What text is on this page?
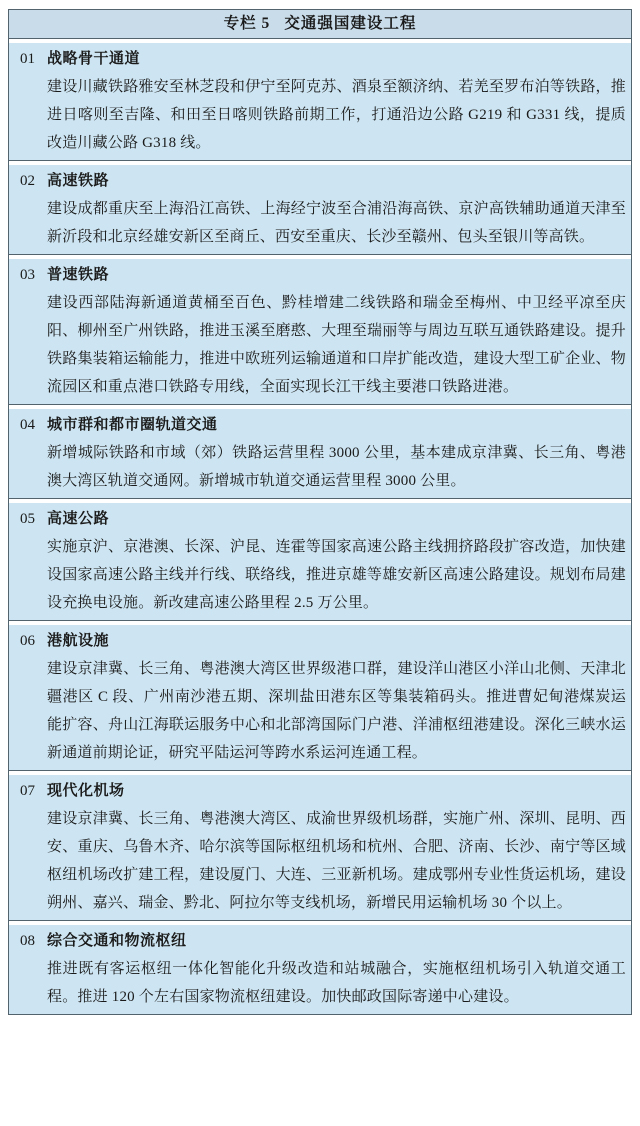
专栏 5 交通强国建设工程
01 战略骨干通道
建设川藏铁路雅安至林芝段和伊宁至阿克苏、酒泉至额济纳、若羌至罗布泊等铁路，推进日喀则至吉隆、和田至日喀则铁路前期工作，打通沿边公路 G219 和 G331 线，提质改造川藏公路 G318 线。
02 高速铁路
建设成都重庆至上海沿江高铁、上海经宁波至合浦沿海高铁、京沪高铁辅助通道天津至新沂段和北京经雄安新区至商丘、西安至重庆、长沙至赣州、包头至银川等高铁。
03 普速铁路
建设西部陆海新通道黄桶至百色、黔桂增建二线铁路和瑞金至梅州、中卫经平凉至庆阳、柳州至广州铁路，推进玉溪至磨憨、大理至瑞丽等与周边互联互通铁路建设。提升铁路集装箱运输能力，推进中欧班列运输通道和口岸扩能改造，建设大型工矿企业、物流园区和重点港口铁路专用线，全面实现长江干线主要港口铁路进港。
04 城市群和都市圈轨道交通
新增城际铁路和市域（郊）铁路运营里程 3000 公里，基本建成京津冀、长三角、粤港澳大湾区轨道交通网。新增城市轨道交通运营里程 3000 公里。
05 高速公路
实施京沪、京港澳、长深、沪昆、连霍等国家高速公路主线拥挤路段扩容改造，加快建设国家高速公路主线并行线、联络线，推进京雄等雄安新区高速公路建设。规划布局建设充换电设施。新改建高速公路里程 2.5 万公里。
06 港航设施
建设京津冀、长三角、粤港澳大湾区世界级港口群，建设洋山港区小洋山北侧、天津北疆港区 C 段、广州南沙港五期、深圳盐田港东区等集装箱码头。推进曹妃甸港煤炭运能扩容、舟山江海联运服务中心和北部湾国际门户港、洋浦枢纽港建设。深化三峡水运新通道前期论证，研究平陆运河等跨水系运河连通工程。
07 现代化机场
建设京津冀、长三角、粤港澳大湾区、成渝世界级机场群，实施广州、深圳、昆明、西安、重庆、乌鲁木齐、哈尔滨等国际枢纽机场和杭州、合肥、济南、长沙、南宁等区域枢纽机场改扩建工程，建设厦门、大连、三亚新机场。建成鄂州专业性货运机场，建设朔州、嘉兴、瑞金、黔北、阿拉尔等支线机场，新增民用运输机场 30 个以上。
08 综合交通和物流枢纽
推进既有客运枢纽一体化智能化升级改造和站城融合，实施枢纽机场引入轨道交通工程。推进 120 个左右国家物流枢纽建设。加快邮政国际寄递中心建设。
